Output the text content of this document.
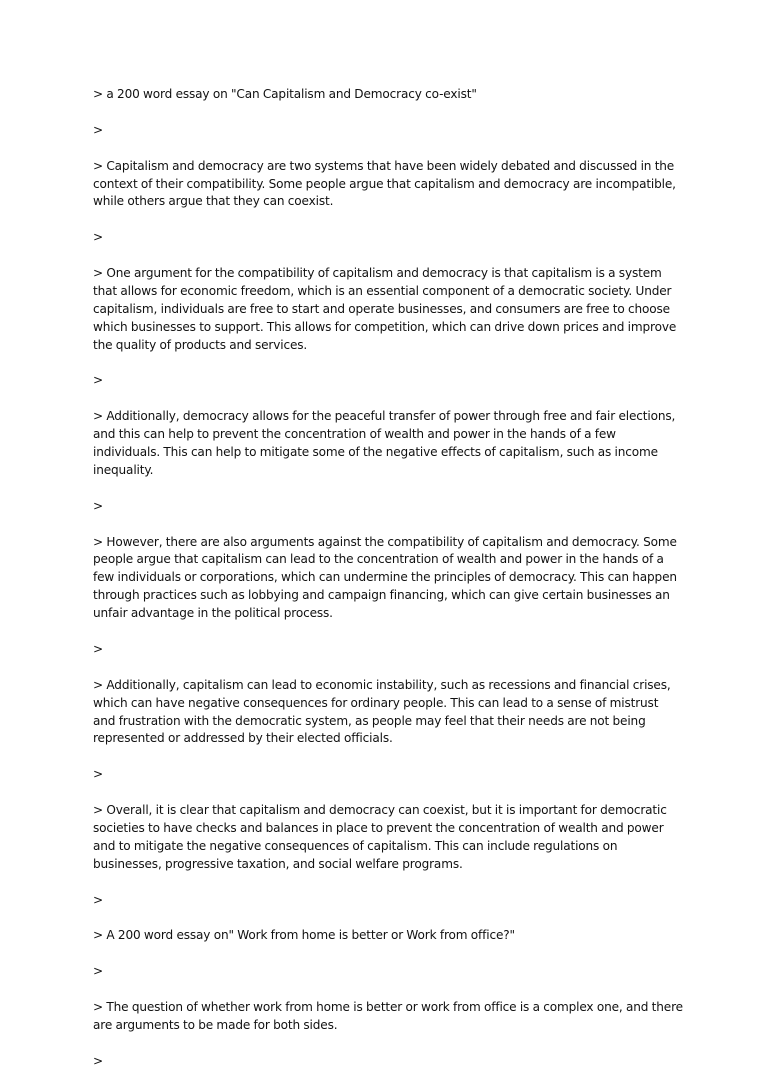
> a 200 word essay on "Can Capitalism and Democracy co-exist"

>

> Capitalism and democracy are two systems that have been widely debated and discussed in the context of their compatibility. Some people argue that capitalism and democracy are incompatible, while others argue that they can coexist.

>

> One argument for the compatibility of capitalism and democracy is that capitalism is a system that allows for economic freedom, which is an essential component of a democratic society. Under capitalism, individuals are free to start and operate businesses, and consumers are free to choose which businesses to support. This allows for competition, which can drive down prices and improve the quality of products and services.

>

> Additionally, democracy allows for the peaceful transfer of power through free and fair elections, and this can help to prevent the concentration of wealth and power in the hands of a few individuals. This can help to mitigate some of the negative effects of capitalism, such as income inequality.

>

> However, there are also arguments against the compatibility of capitalism and democracy. Some people argue that capitalism can lead to the concentration of wealth and power in the hands of a few individuals or corporations, which can undermine the principles of democracy. This can happen through practices such as lobbying and campaign financing, which can give certain businesses an unfair advantage in the political process.

>

> Additionally, capitalism can lead to economic instability, such as recessions and financial crises, which can have negative consequences for ordinary people. This can lead to a sense of mistrust and frustration with the democratic system, as people may feel that their needs are not being represented or addressed by their elected officials.

>

> Overall, it is clear that capitalism and democracy can coexist, but it is important for democratic societies to have checks and balances in place to prevent the concentration of wealth and power and to mitigate the negative consequences of capitalism. This can include regulations on businesses, progressive taxation, and social welfare programs.

>

> A 200 word essay on" Work from home is better or Work from office?"

>

> The question of whether work from home is better or work from office is a complex one, and there are arguments to be made for both sides.

>
